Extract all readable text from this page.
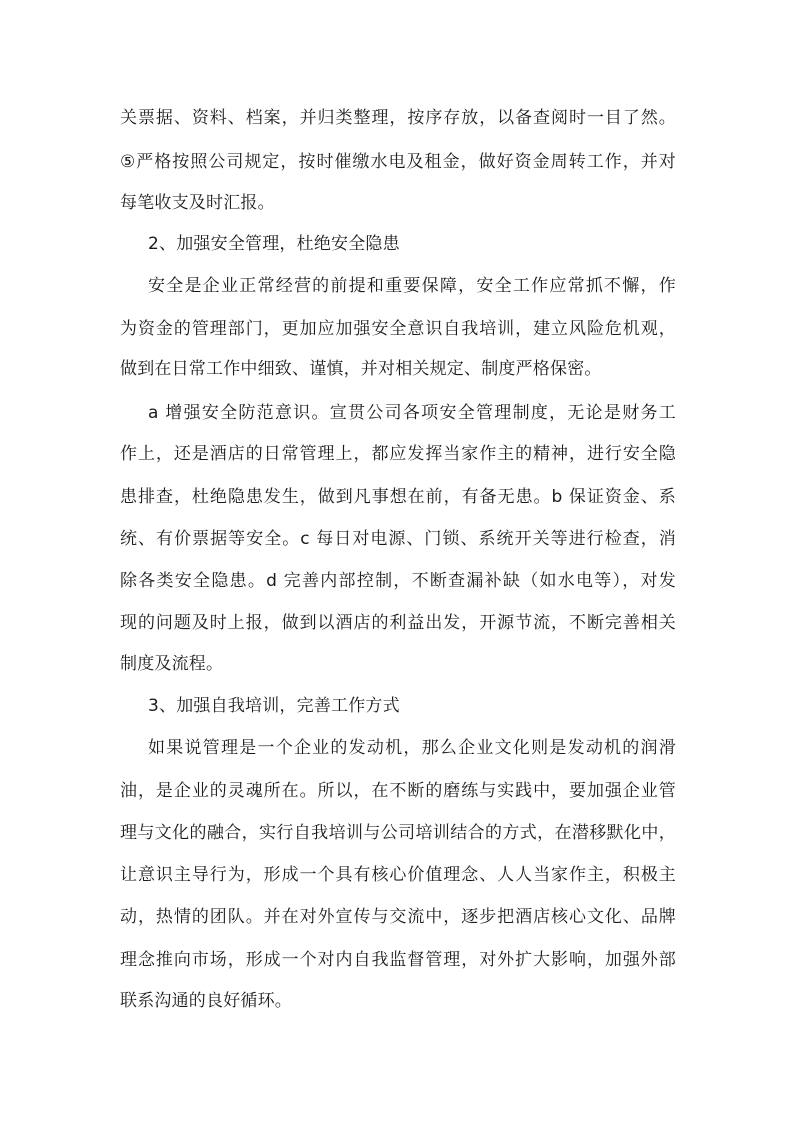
关票据、资料、档案，并归类整理，按序存放，以备查阅时一目了然。
⑤严格按照公司规定，按时催缴水电及租金，做好资金周转工作，并对
每笔收支及时汇报。
2、加强安全管理，杜绝安全隐患
安全是企业正常经营的前提和重要保障，安全工作应常抓不懈，作
为资金的管理部门，更加应加强安全意识自我培训，建立风险危机观，
做到在日常工作中细致、谨慎，并对相关规定、制度严格保密。
a 增强安全防范意识。宣贯公司各项安全管理制度，无论是财务工
作上，还是酒店的日常管理上，都应发挥当家作主的精神，进行安全隐
患排查，杜绝隐患发生，做到凡事想在前，有备无患。b 保证资金、系
统、有价票据等安全。c 每日对电源、门锁、系统开关等进行检查，消
除各类安全隐患。d 完善内部控制，不断查漏补缺（如水电等），对发
现的问题及时上报，做到以酒店的利益出发，开源节流，不断完善相关
制度及流程。
3、加强自我培训，完善工作方式
如果说管理是一个企业的发动机，那么企业文化则是发动机的润滑
油，是企业的灵魂所在。所以，在不断的磨练与实践中，要加强企业管
理与文化的融合，实行自我培训与公司培训结合的方式，在潜移默化中，
让意识主导行为，形成一个具有核心价值理念、人人当家作主，积极主
动，热情的团队。并在对外宣传与交流中，逐步把酒店核心文化、品牌
理念推向市场，形成一个对内自我监督管理，对外扩大影响，加强外部
联系沟通的良好循环。
